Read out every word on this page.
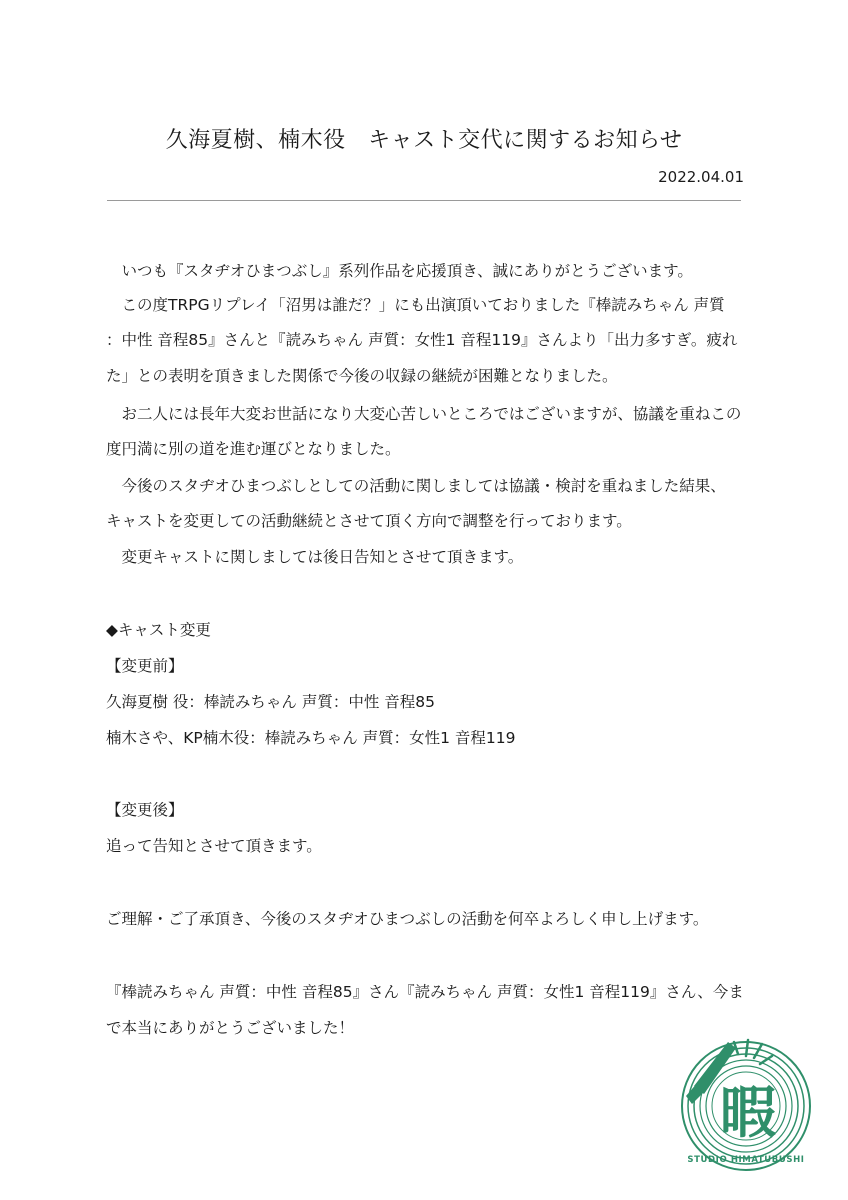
久海夏樹、楠木役　キャスト交代に関するお知らせ
2022.04.01
　いつも『スタヂオひまつぶし』系列作品を応援頂き、誠にありがとうございます。
　この度TRPGリプレイ「沼男は誰だ？」にも出演頂いておりました『棒読みちゃん 声質
：中性 音程85』さんと『読みちゃん 声質：女性1 音程119』さんより「出力多すぎ。疲れ
た」との表明を頂きました関係で今後の収録の継続が困難となりました。
　お二人には長年大変お世話になり大変心苦しいところではございますが、協議を重ねこの
度円満に別の道を進む運びとなりました。
　今後のスタヂオひまつぶしとしての活動に関しましては協議・検討を重ねました結果、
キャストを変更しての活動継続とさせて頂く方向で調整を行っております。
　変更キャストに関しましては後日告知とさせて頂きます。
◆キャスト変更
【変更前】
久海夏樹 役：棒読みちゃん 声質：中性 音程85
楠木さや、KP楠木役：棒読みちゃん 声質：女性1 音程119
【変更後】
追って告知とさせて頂きます。
ご理解・ご了承頂き、今後のスタヂオひまつぶしの活動を何卒よろしく申し上げます。
『棒読みちゃん 声質：中性 音程85』さん『読みちゃん 声質：女性1 音程119』さん、今ま
で本当にありがとうございました！
暇
STUDIO HIMATUBUSHI
